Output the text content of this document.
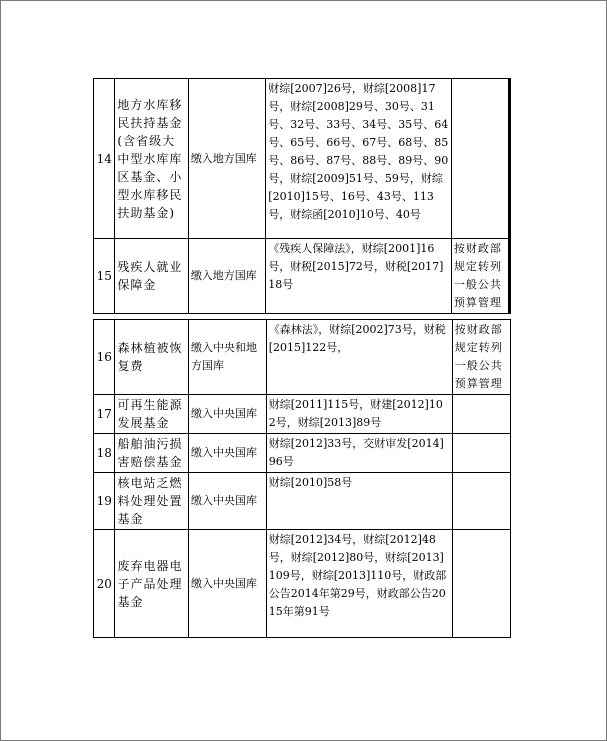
14	地方水库移民扶持基金(含省级大中型水库库区基金、小型水库移民扶助基金)	缴入地方国库	财综[2007]26号，财综[2008]17号，财综[2008]29号、30号、31号、32号、33号、34号、35号、64号、65号、66号、67号、68号、85号、86号、87号、88号、89号、90号，财综[2009]51号、59号，财综[2010]15号、16号、43号、113号，财综函[2010]10号、40号	
15	残疾人就业保障金	缴入地方国库	《残疾人保障法》，财综[2001]16号，财税[2015]72号，财税[2017]18号	按财政部规定转列一般公共预算管理
16	森林植被恢复费	缴入中央和地方国库	《森林法》，财综[2002]73号，财税[2015]122号，	按财政部规定转列一般公共预算管理
17	可再生能源发展基金	缴入中央国库	财综[2011]115号，财建[2012]102号，财综[2013]89号	
18	船舶油污损害赔偿基金	缴入中央国库	财综[2012]33号，交财审发[2014]96号	
19	核电站乏燃料处理处置基金	缴入中央国库	财综[2010]58号	
20	废弃电器电子产品处理基金	缴入中央国库	财综[2012]34号，财综[2012]48号，财综[2012]80号，财综[2013]109号，财综[2013]110号，财政部公告2014年第29号，财政部公告2015年第91号	
